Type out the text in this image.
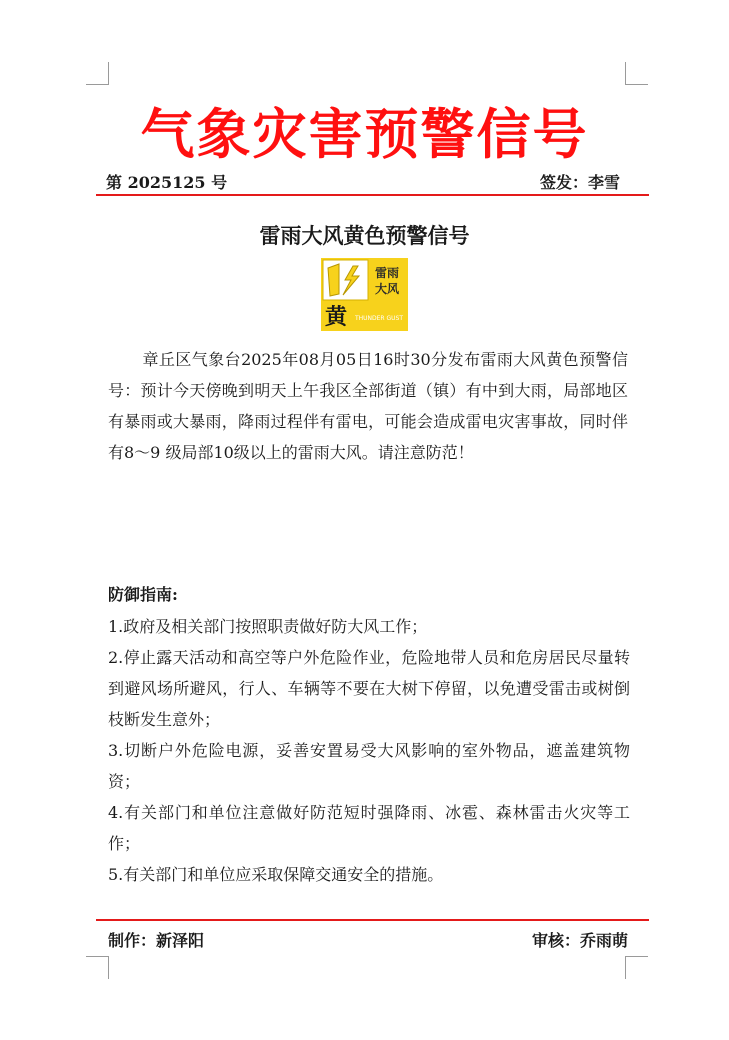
气象灾害预警信号
第 2025125 号	签发：李雪
雷雨大风黄色预警信号
雷雨
大风
黄 THUNDER GUST
章丘区气象台2025年08月05日16时30分发布雷雨大风黄色预警信号：预计今天傍晚到明天上午我区全部街道（镇）有中到大雨，局部地区有暴雨或大暴雨，降雨过程伴有雷电，可能会造成雷电灾害事故，同时伴有8～9 级局部10级以上的雷雨大风。请注意防范！
防御指南:
1.政府及相关部门按照职责做好防大风工作；
2.停止露天活动和高空等户外危险作业，危险地带人员和危房居民尽量转到避风场所避风，行人、车辆等不要在大树下停留，以免遭受雷击或树倒枝断发生意外；
3.切断户外危险电源，妥善安置易受大风影响的室外物品，遮盖建筑物资；
4.有关部门和单位注意做好防范短时强降雨、冰雹、森林雷击火灾等工作；
5.有关部门和单位应采取保障交通安全的措施。
制作：新泽阳	审核：乔雨萌
